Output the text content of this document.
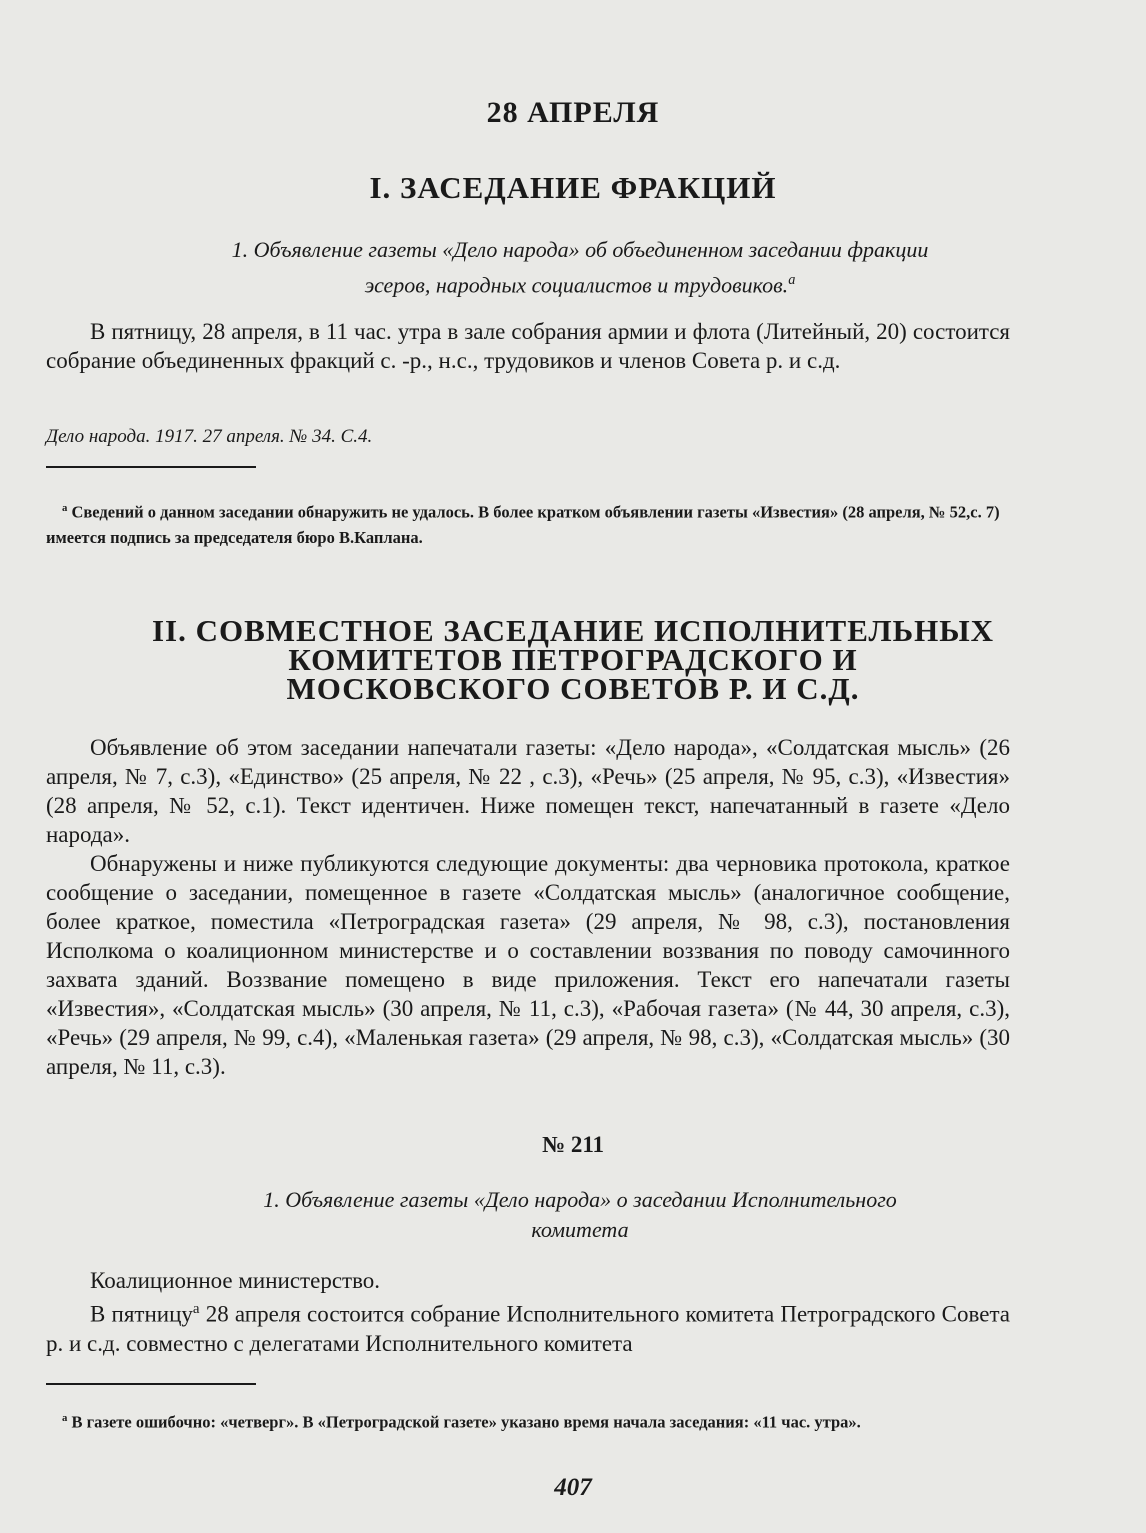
28 АПРЕЛЯ
I. ЗАСЕДАНИЕ ФРАКЦИЙ
1. Объявление газеты «Дело народа» об объединенном заседании фракции
эсеров, народных социалистов и трудовиков.$^а$

В пятницу, 28 апреля, в 11 час. утра в зале собрания армии и флота (Литейный, 20) состоится собрание объединенных фракций с. -р., н.с., трудовиков и членов Совета р. и с.д.

Дело народа. 1917. 27 апреля. № 34. С.4.
$^а$ Сведений о данном заседании обнаружить не удалось. В более кратком объявлении газеты «Известия» (28 апреля, № 52,с. 7) имеется подпись за председателя бюро В.Каплана.
II. СОВМЕСТНОЕ ЗАСЕДАНИЕ ИСПОЛНИТЕЛЬНЫХ
КОМИТЕТОВ ПЕТРОГРАДСКОГО И
МОСКОВСКОГО СОВЕТОВ Р. И С.Д.

Объявление об этом заседании напечатали газеты: «Дело народа», «Солдатская мысль» (26 апреля, № 7, с.3), «Единство» (25 апреля, № 22 , с.3), «Речь» (25 апреля, № 95, с.3), «Известия» (28 апреля, № 52, с.1). Текст идентичен. Ниже помещен текст, напечатанный в газете «Дело народа».

Обнаружены и ниже публикуются следующие документы: два черновика протокола, краткое сообщение о заседании, помещенное в газете «Солдатская мысль» (аналогичное сообщение, более краткое, поместила «Петроградская газета» (29 апреля, № 98, с.3), постановления Исполкома о коалиционном министерстве и о составлении воззвания по поводу самочинного захвата зданий. Воззвание помещено в виде приложения. Текст его напечатали газеты «Известия», «Солдатская мысль» (30 апреля, № 11, с.3), «Рабочая газета» (№ 44, 30 апреля, с.3), «Речь» (29 апреля, № 99, с.4), «Маленькая газета» (29 апреля, № 98, с.3), «Солдатская мысль» (30 апреля, № 11, с.3).

№ 211
1. Объявление газеты «Дело народа» о заседании Исполнительного
комитета

Коалиционное министерство.

В пятницу$^а$ 28 апреля состоится собрание Исполнительного комитета Петроградского Совета р. и с.д. совместно с делегатами Исполнительного комитета

$^а$ В газете ошибочно: «четверг». В «Петроградской газете» указано время начала заседания: «11 час. утра».
407
